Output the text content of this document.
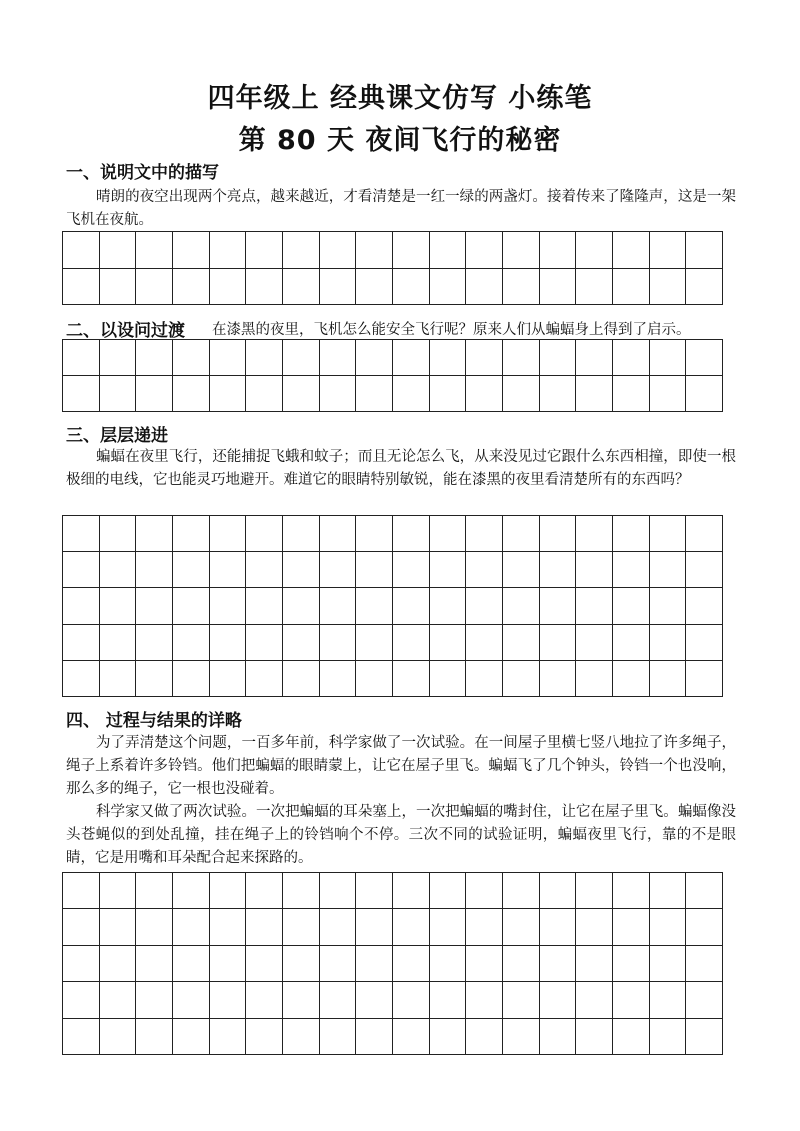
四年级上 经典课文仿写 小练笔
第 80 天 夜间飞行的秘密
一、说明文中的描写
晴朗的夜空出现两个亮点，越来越近，才看清楚是一红一绿的两盏灯。接着传来了隆隆声，这是一架飞机在夜航。
二、以设问过渡 在漆黑的夜里，飞机怎么能安全飞行呢？原来人们从蝙蝠身上得到了启示。
三、层层递进
蝙蝠在夜里飞行，还能捕捉飞蛾和蚊子；而且无论怎么飞，从来没见过它跟什么东西相撞，即使一根极细的电线，它也能灵巧地避开。难道它的眼睛特别敏锐，能在漆黑的夜里看清楚所有的东西吗？
四、 过程与结果的详略
为了弄清楚这个问题，一百多年前，科学家做了一次试验。在一间屋子里横七竖八地拉了许多绳子，绳子上系着许多铃铛。他们把蝙蝠的眼睛蒙上，让它在屋子里飞。蝙蝠飞了几个钟头，铃铛一个也没响，那么多的绳子，它一根也没碰着。
科学家又做了两次试验。一次把蝙蝠的耳朵塞上，一次把蝙蝠的嘴封住，让它在屋子里飞。蝙蝠像没头苍蝇似的到处乱撞，挂在绳子上的铃铛响个不停。三次不同的试验证明，蝙蝠夜里飞行，靠的不是眼睛，它是用嘴和耳朵配合起来探路的。
